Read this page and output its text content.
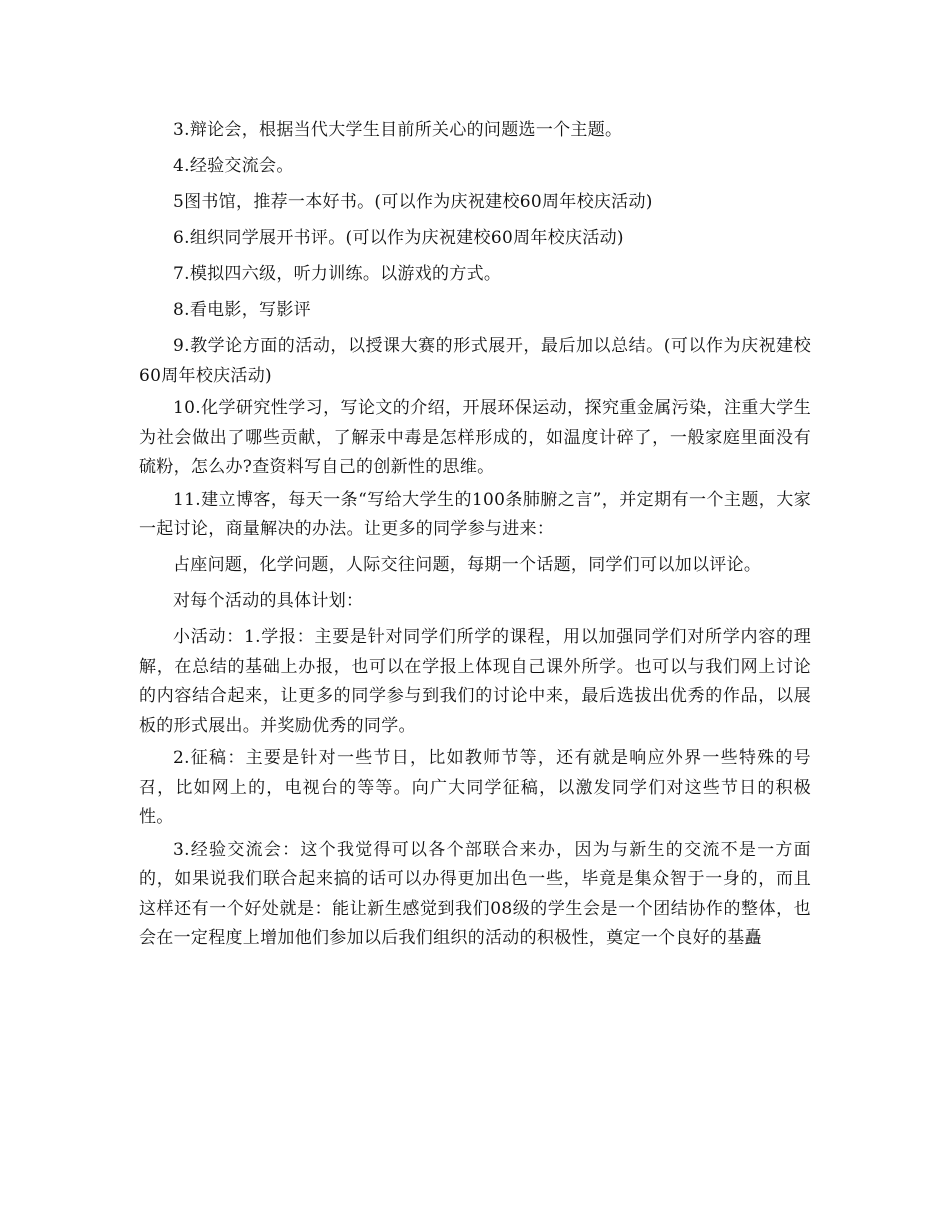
3.辩论会，根据当代大学生目前所关心的问题选一个主题。

4.经验交流会。

5图书馆，推荐一本好书。(可以作为庆祝建校60周年校庆活动)

6.组织同学展开书评。(可以作为庆祝建校60周年校庆活动)

7.模拟四六级，听力训练。以游戏的方式。

8.看电影，写影评

9.教学论方面的活动，以授课大赛的形式展开，最后加以总结。(可以作为庆祝建校60周年校庆活动)

10.化学研究性学习，写论文的介绍，开展环保运动，探究重金属污染，注重大学生为社会做出了哪些贡献，了解汞中毒是怎样形成的，如温度计碎了，一般家庭里面没有硫粉，怎么办?查资料写自己的创新性的思维。

11.建立博客，每天一条“写给大学生的100条肺腑之言”，并定期有一个主题，大家一起讨论，商量解决的办法。让更多的同学参与进来：

占座问题，化学问题，人际交往问题，每期一个话题，同学们可以加以评论。

对每个活动的具体计划：

小活动：1.学报：主要是针对同学们所学的课程，用以加强同学们对所学内容的理解，在总结的基础上办报，也可以在学报上体现自己课外所学。也可以与我们网上讨论的内容结合起来，让更多的同学参与到我们的讨论中来，最后选拔出优秀的作品，以展板的形式展出。并奖励优秀的同学。

2.征稿：主要是针对一些节日，比如教师节等，还有就是响应外界一些特殊的号召，比如网上的，电视台的等等。向广大同学征稿，以激发同学们对这些节日的积极性。

3.经验交流会：这个我觉得可以各个部联合来办，因为与新生的交流不是一方面的，如果说我们联合起来搞的话可以办得更加出色一些，毕竟是集众智于一身的，而且这样还有一个好处就是：能让新生感觉到我们08级的学生会是一个团结协作的整体，也会在一定程度上增加他们参加以后我们组织的活动的积极性，奠定一个良好的基矗
